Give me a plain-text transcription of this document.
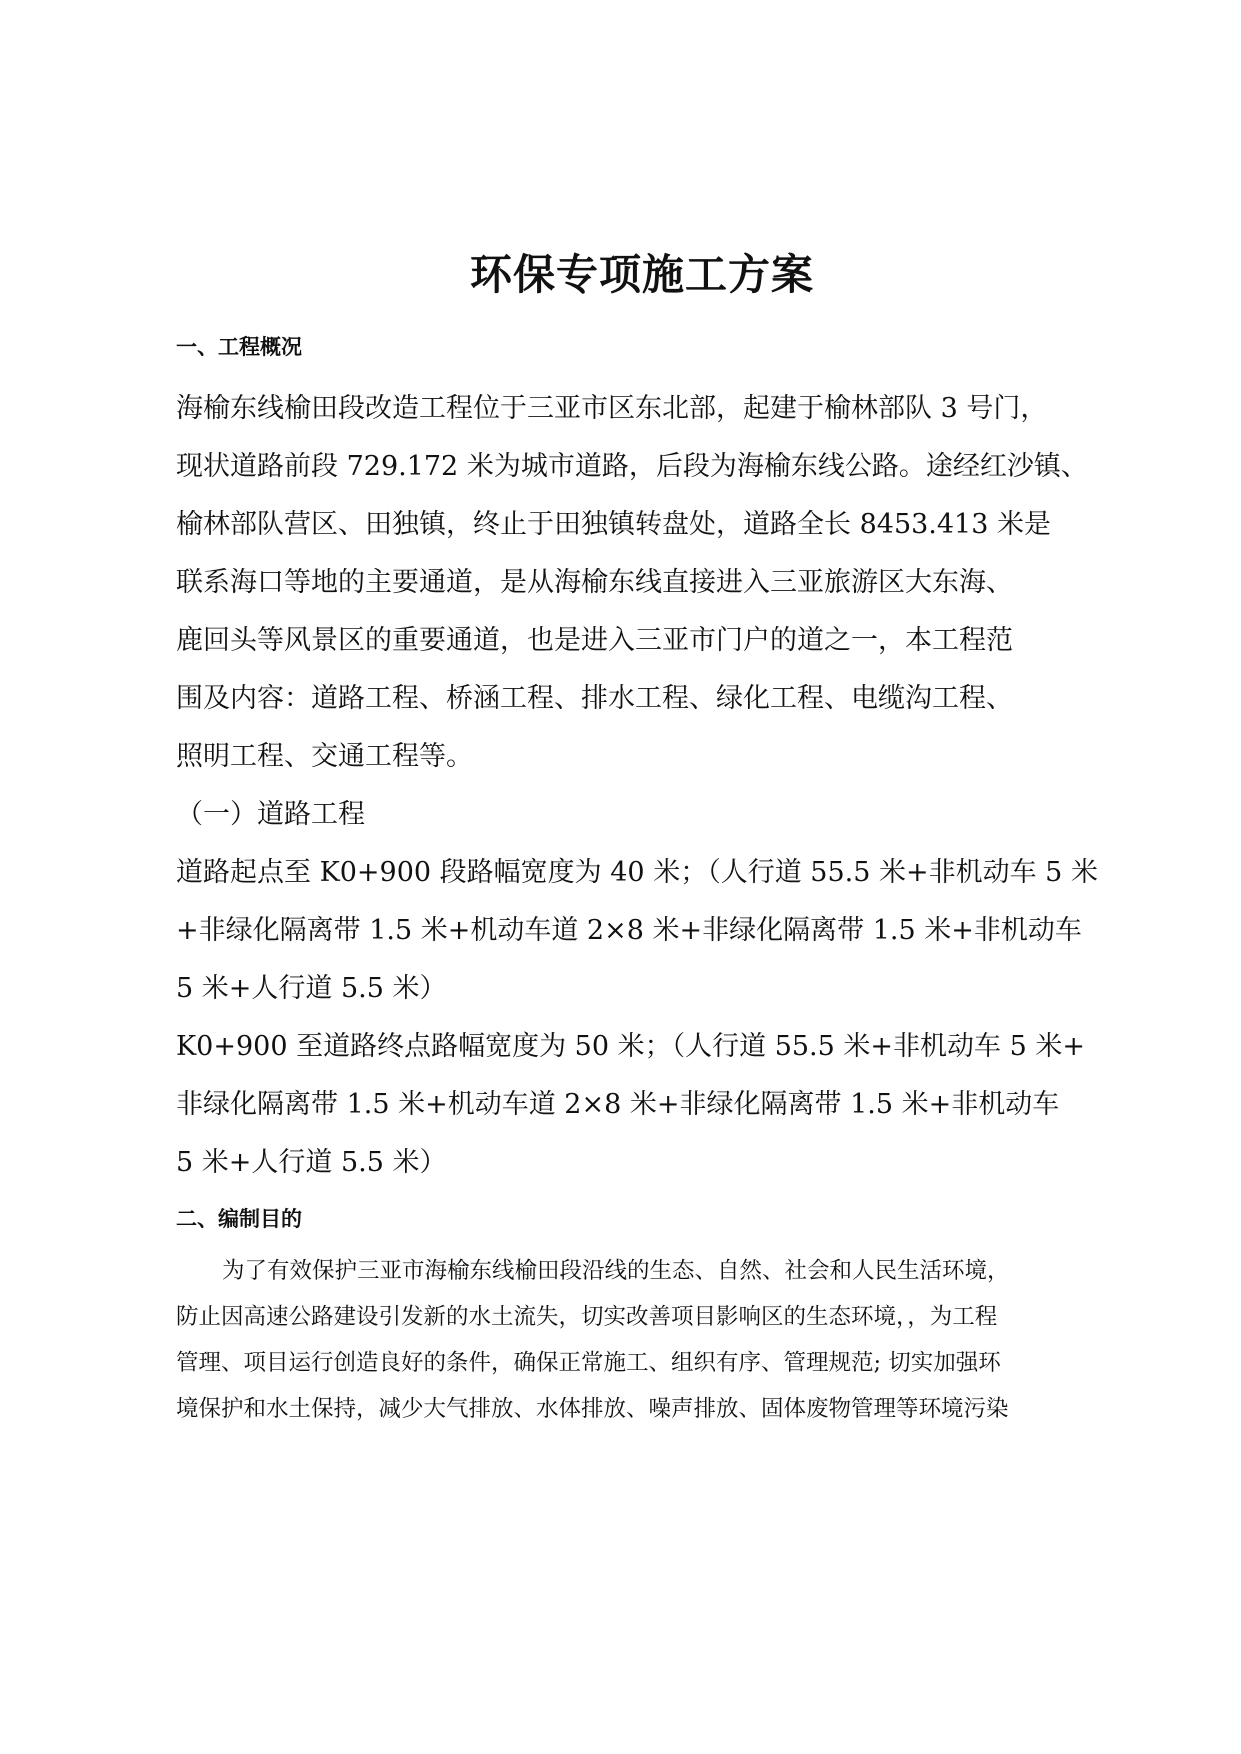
环保专项施工方案
一、工程概况
海榆东线榆田段改造工程位于三亚市区东北部，起建于榆林部队 3 号门，
现状道路前段 729.172 米为城市道路，后段为海榆东线公路。途经红沙镇、
榆林部队营区、田独镇，终止于田独镇转盘处，道路全长 8453.413 米是
联系海口等地的主要通道，是从海榆东线直接进入三亚旅游区大东海、
鹿回头等风景区的重要通道，也是进入三亚市门户的道之一，本工程范
围及内容：道路工程、桥涵工程、排水工程、绿化工程、电缆沟工程、
照明工程、交通工程等。
（一）道路工程
道路起点至 K0+900 段路幅宽度为 40 米；（人行道 55.5 米+非机动车 5 米
+非绿化隔离带 1.5 米+机动车道 2×8 米+非绿化隔离带 1.5 米+非机动车
5 米+人行道 5.5 米）
K0+900 至道路终点路幅宽度为 50 米；（人行道 55.5 米+非机动车 5 米+
非绿化隔离带 1.5 米+机动车道 2×8 米+非绿化隔离带 1.5 米+非机动车
5 米+人行道 5.5 米）
二、编制目的
为了有效保护三亚市海榆东线榆田段沿线的生态、自然、社会和人民生活环境，
防止因高速公路建设引发新的水土流失，切实改善项目影响区的生态环境，，为工程
管理、项目运行创造良好的条件，确保正常施工、组织有序、管理规范; 切实加强环
境保护和水土保持，减少大气排放、水体排放、噪声排放、固体废物管理等环境污染
